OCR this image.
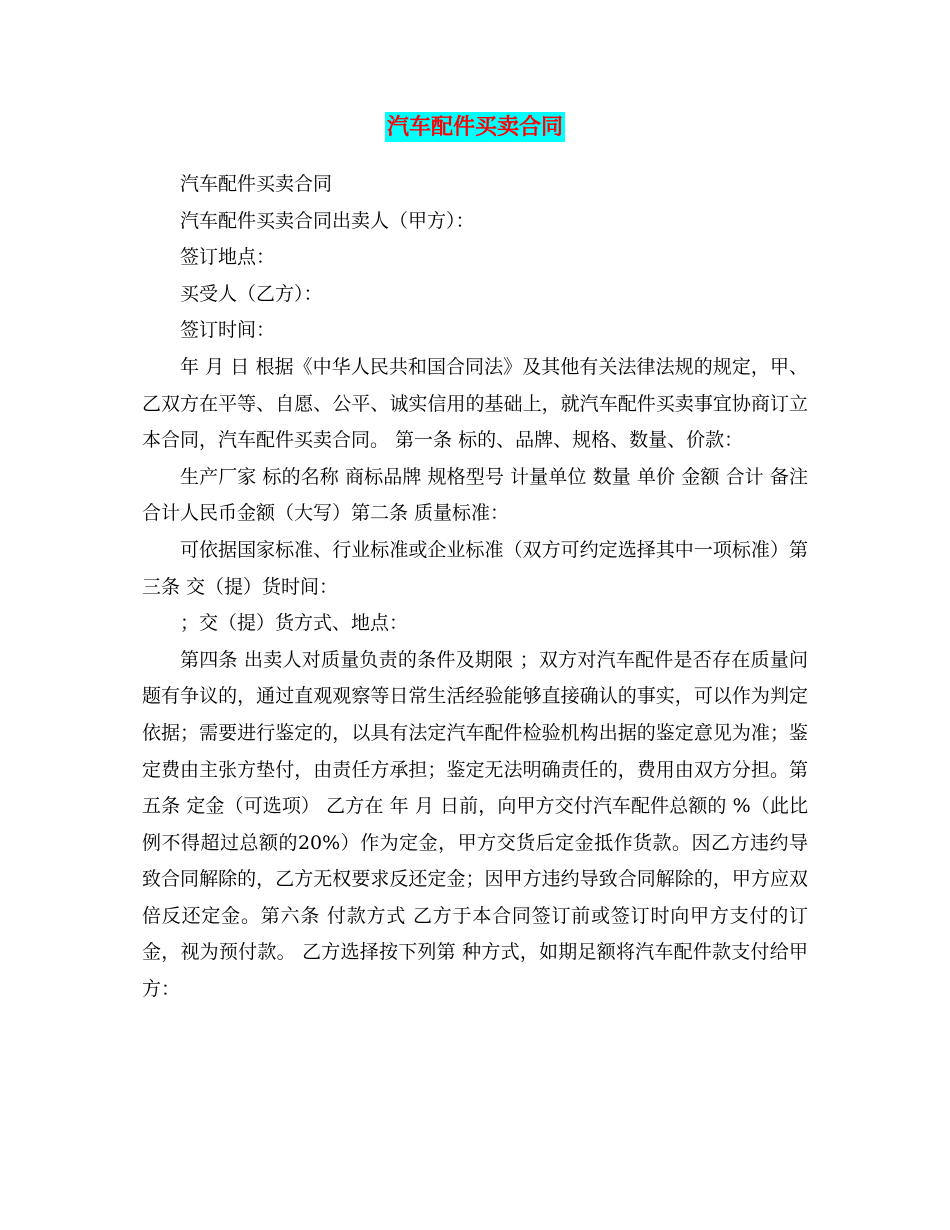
汽车配件买卖合同

汽车配件买卖合同

汽车配件买卖合同出卖人（甲方）：

签订地点：

买受人（乙方）：

签订时间：

年 月 日 根据《中华人民共和国合同法》及其他有关法律法规的规定，甲、乙双方在平等、自愿、公平、诚实信用的基础上，就汽车配件买卖事宜协商订立本合同，汽车配件买卖合同。 第一条 标的、品牌、规格、数量、价款：

生产厂家 标的名称 商标品牌 规格型号 计量单位 数量 单价 金额 合计 备注合计人民币金额（大写）第二条 质量标准：

可依据国家标准、行业标准或企业标准（双方可约定选择其中一项标准）第三条 交（提）货时间：

；交（提）货方式、地点：

第四条 出卖人对质量负责的条件及期限 ；双方对汽车配件是否存在质量问题有争议的，通过直观观察等日常生活经验能够直接确认的事实，可以作为判定依据；需要进行鉴定的，以具有法定汽车配件检验机构出据的鉴定意见为准；鉴定费由主张方垫付，由责任方承担；鉴定无法明确责任的，费用由双方分担。第五条 定金（可选项） 乙方在 年 月 日前，向甲方交付汽车配件总额的 %（此比例不得超过总额的20%）作为定金，甲方交货后定金抵作货款。因乙方违约导致合同解除的，乙方无权要求反还定金；因甲方违约导致合同解除的，甲方应双倍反还定金。第六条 付款方式 乙方于本合同签订前或签订时向甲方支付的订金，视为预付款。 乙方选择按下列第 种方式，如期足额将汽车配件款支付给甲方：
